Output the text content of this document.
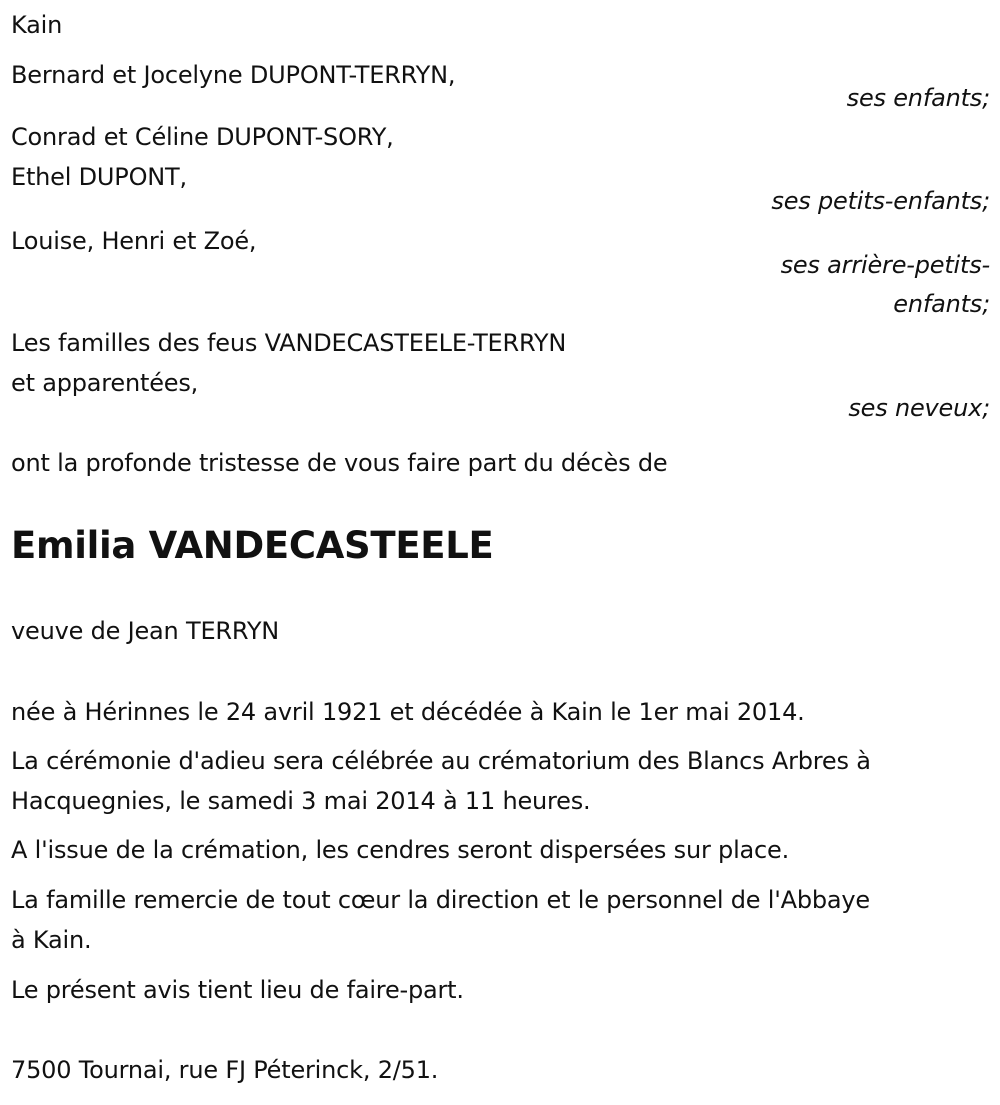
Kain
Bernard et Jocelyne DUPONT-TERRYN,
ses enfants;
Conrad et Céline DUPONT-SORY,
Ethel DUPONT,
ses petits-enfants;
Louise, Henri et Zoé,
ses arrière-petits-
enfants;
Les familles des feus VANDECASTEELE-TERRYN
et apparentées,
ses neveux;
ont la profonde tristesse de vous faire part du décès de
Emilia VANDECASTEELE
veuve de Jean TERRYN
née à Hérinnes le 24 avril 1921 et décédée à Kain le 1er mai 2014.
La cérémonie d'adieu sera célébrée au crématorium des Blancs Arbres à
Hacquegnies, le samedi 3 mai 2014 à 11 heures.
A l'issue de la crémation, les cendres seront dispersées sur place.
La famille remercie de tout cœur la direction et le personnel de l'Abbaye
à Kain.
Le présent avis tient lieu de faire-part.
7500 Tournai, rue FJ Péterinck, 2/51.
